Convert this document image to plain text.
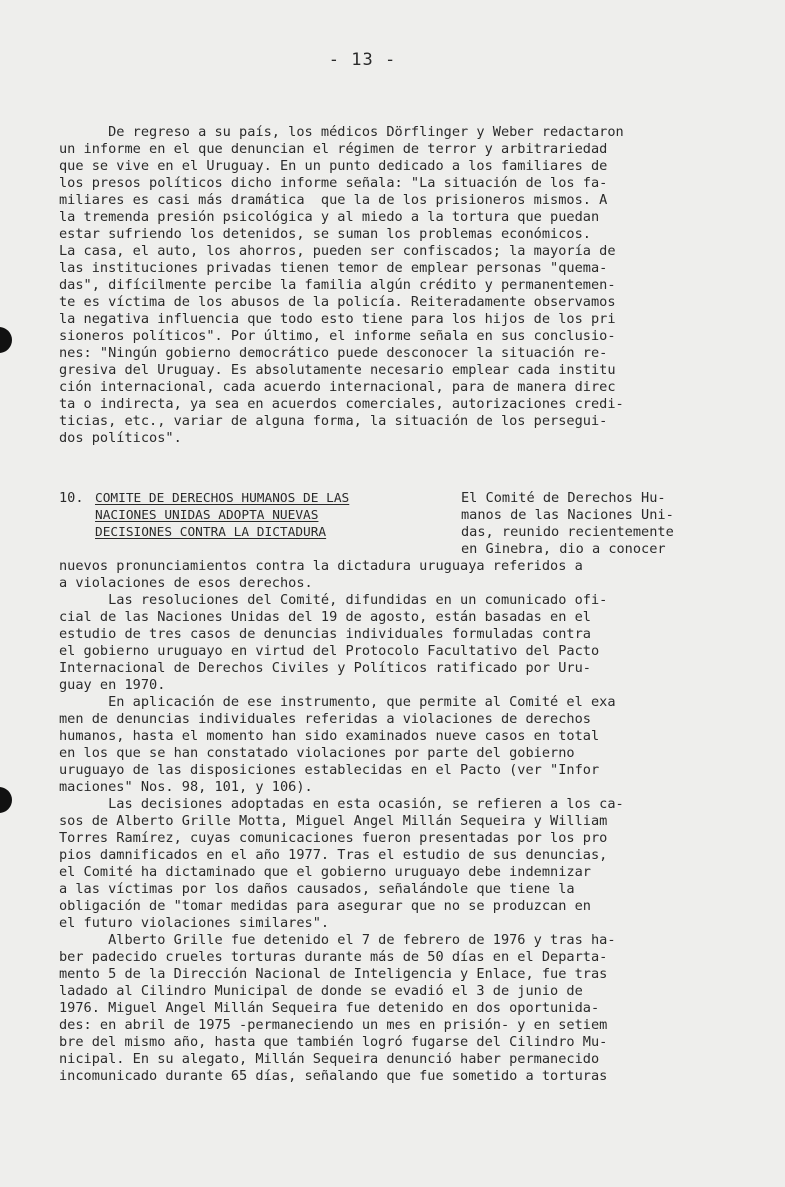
- 13 -
De regreso a su país, los médicos Dörflinger y Weber redactaron
un informe en el que denuncian el régimen de terror y arbitrariedad
que se vive en el Uruguay. En un punto dedicado a los familiares de
los presos políticos dicho informe señala: "La situación de los fa-
miliares es casi más dramática  que la de los prisioneros mismos. A
la tremenda presión psicológica y al miedo a la tortura que puedan
estar sufriendo los detenidos, se suman los problemas económicos.
La casa, el auto, los ahorros, pueden ser confiscados; la mayoría de
las instituciones privadas tienen temor de emplear personas "quema-
das", difícilmente percibe la familia algún crédito y permanentemen-
te es víctima de los abusos de la policía. Reiteradamente observamos
la negativa influencia que todo esto tiene para los hijos de los pri
sioneros políticos". Por último, el informe señala en sus conclusio-
nes: "Ningún gobierno democrático puede desconocer la situación re-
gresiva del Uruguay. Es absolutamente necesario emplear cada institu
ción internacional, cada acuerdo internacional, para de manera direc
ta o indirecta, ya sea en acuerdos comerciales, autorizaciones credi-
ticias, etc., variar de alguna forma, la situación de los persegui-
dos políticos".
10. COMITE DE DERECHOS HUMANOS DE LAS
NACIONES UNIDAS ADOPTA NUEVAS
DECISIONES CONTRA LA DICTADURA
El Comité de Derechos Hu-
manos de las Naciones Uni-
das, reunido recientemente
en Ginebra, dio a conocer
nuevos pronunciamientos contra la dictadura uruguaya referidos a
a violaciones de esos derechos.
Las resoluciones del Comité, difundidas en un comunicado ofi-
cial de las Naciones Unidas del 19 de agosto, están basadas en el
estudio de tres casos de denuncias individuales formuladas contra
el gobierno uruguayo en virtud del Protocolo Facultativo del Pacto
Internacional de Derechos Civiles y Políticos ratificado por Uru-
guay en 1970.
En aplicación de ese instrumento, que permite al Comité el exa
men de denuncias individuales referidas a violaciones de derechos
humanos, hasta el momento han sido examinados nueve casos en total
en los que se han constatado violaciones por parte del gobierno
uruguayo de las disposiciones establecidas en el Pacto (ver "Infor
maciones" Nos. 98, 101, y 106).
Las decisiones adoptadas en esta ocasión, se refieren a los ca-
sos de Alberto Grille Motta, Miguel Angel Millán Sequeira y William
Torres Ramírez, cuyas comunicaciones fueron presentadas por los pro
pios damnificados en el año 1977. Tras el estudio de sus denuncias,
el Comité ha dictaminado que el gobierno uruguayo debe indemnizar
a las víctimas por los daños causados, señalándole que tiene la
obligación de "tomar medidas para asegurar que no se produzcan en
el futuro violaciones similares".
Alberto Grille fue detenido el 7 de febrero de 1976 y tras ha-
ber padecido crueles torturas durante más de 50 días en el Departa-
mento 5 de la Dirección Nacional de Inteligencia y Enlace, fue tras
ladado al Cilindro Municipal de donde se evadió el 3 de junio de
1976. Miguel Angel Millán Sequeira fue detenido en dos oportunida-
des: en abril de 1975 -permaneciendo un mes en prisión- y en setiem
bre del mismo año, hasta que también logró fugarse del Cilindro Mu-
nicipal. En su alegato, Millán Sequeira denunció haber permanecido
incomunicado durante 65 días, señalando que fue sometido a torturas
